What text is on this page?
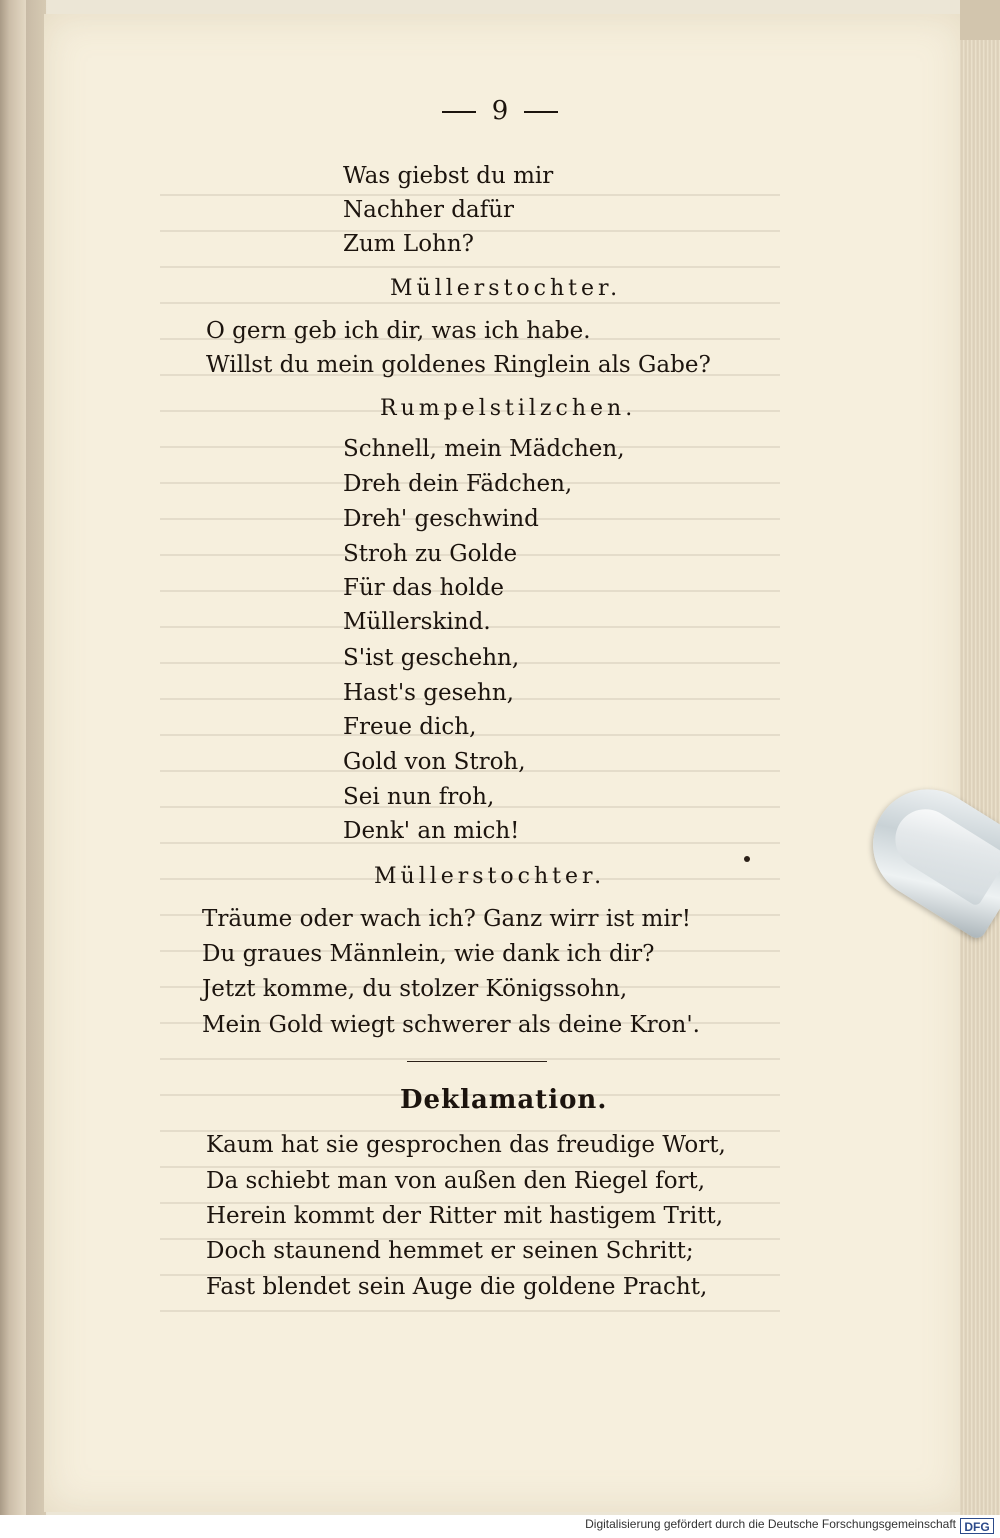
9
Was giebst du mir
Nachher dafür
Zum Lohn?
Müllerstochter.
O gern geb ich dir, was ich habe.
Willst du mein goldenes Ringlein als Gabe?
Rumpelstilzchen.
Schnell, mein Mädchen,
Dreh dein Fädchen,
Dreh' geschwind
Stroh zu Golde
Für das holde
Müllerskind.
S'ist geschehn,
Hast's gesehn,
Freue dich,
Gold von Stroh,
Sei nun froh,
Denk' an mich!
Müllerstochter.
Träume oder wach ich? Ganz wirr ist mir!
Du graues Männlein, wie dank ich dir?
Jetzt komme, du stolzer Königssohn,
Mein Gold wiegt schwerer als deine Kron'.
Deklamation.
Kaum hat sie gesprochen das freudige Wort,
Da schiebt man von außen den Riegel fort,
Herein kommt der Ritter mit hastigem Tritt,
Doch staunend hemmet er seinen Schritt;
Fast blendet sein Auge die goldene Pracht,
Digitalisierung gefördert durch die Deutsche Forschungsgemeinschaft DFG
